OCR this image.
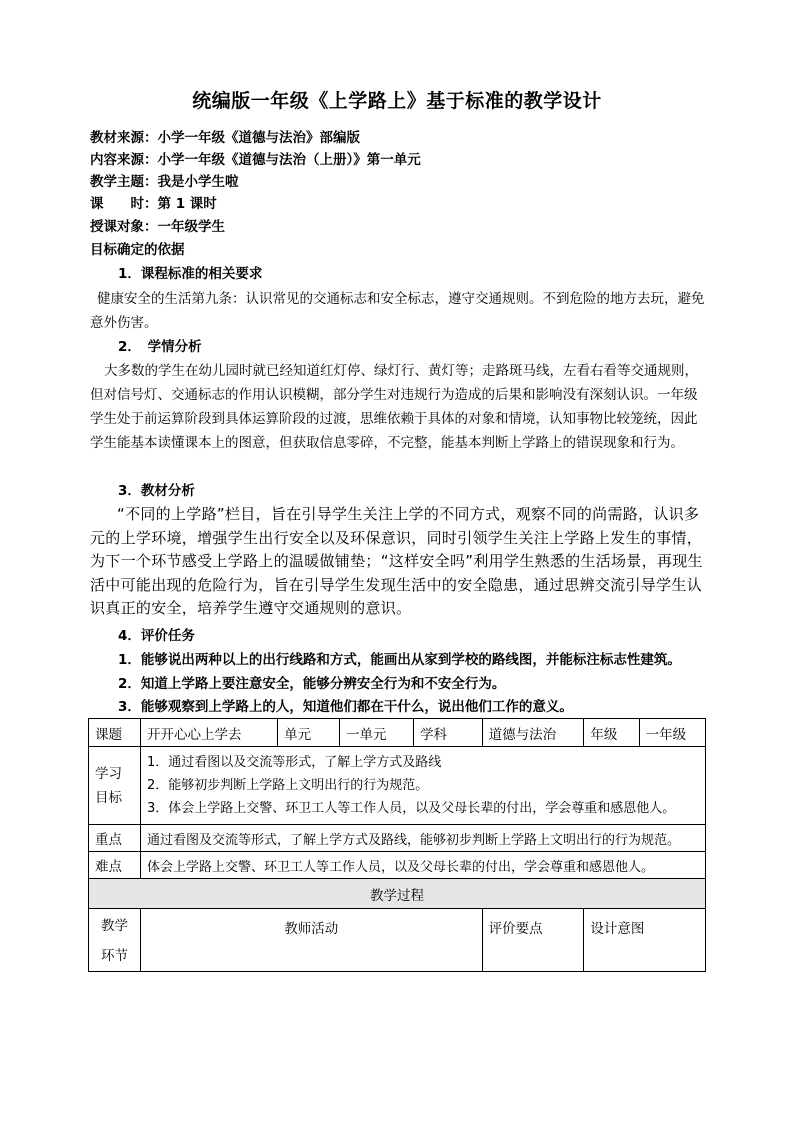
统编版一年级《上学路上》基于标准的教学设计
教材来源：小学一年级《道德与法治》部编版
内容来源：小学一年级《道德与法治（上册）》第一单元
教学主题：我是小学生啦
课　　时：第 1 课时
授课对象：一年级学生
目标确定的依据
1．课程标准的相关要求
健康安全的生活第九条：认识常见的交通标志和安全标志，遵守交通规则。不到危险的地方去玩，避免意外伤害。
2．　学情分析
大多数的学生在幼儿园时就已经知道红灯停、绿灯行、黄灯等；走路斑马线，左看右看等交通规则，但对信号灯、交通标志的作用认识模糊，部分学生对违规行为造成的后果和影响没有深刻认识。一年级学生处于前运算阶段到具体运算阶段的过渡，思维依赖于具体的对象和情境，认知事物比较笼统，因此学生能基本读懂课本上的图意，但获取信息零碎，不完整，能基本判断上学路上的错误现象和行为。
3．教材分析
“不同的上学路”栏目，旨在引导学生关注上学的不同方式，观察不同的尚需路，认识多元的上学环境，增强学生出行安全以及环保意识，同时引领学生关注上学路上发生的事情，为下一个环节感受上学路上的温暖做铺垫；“这样安全吗”利用学生熟悉的生活场景，再现生活中可能出现的危险行为，旨在引导学生发现生活中的安全隐患，通过思辨交流引导学生认识真正的安全，培养学生遵守交通规则的意识。
4．评价任务
1．能够说出两种以上的出行线路和方式，能画出从家到学校的路线图，并能标注标志性建筑。
2．知道上学路上要注意安全，能够分辨安全行为和不安全行为。
3．能够观察到上学路上的人，知道他们都在干什么，说出他们工作的意义。
课题	开开心心上学去	单元	一单元	学科	道德与法治	年级	一年级
学习
目标	1．通过看图以及交流等形式，了解上学方式及路线
2．能够初步判断上学路上文明出行的行为规范。
3．体会上学路上交警、环卫工人等工作人员，以及父母长辈的付出，学会尊重和感恩他人。						

重点	通过看图及交流等形式，了解上学方式及路线，能够初步判断上学路上文明出行的行为规范。						
难点	体会上学路上交警、环卫工人等工作人员，以及父母长辈的付出，学会尊重和感恩他人。						
教学过程							
教学
环节	教师活动				评价要点	设计意图	
